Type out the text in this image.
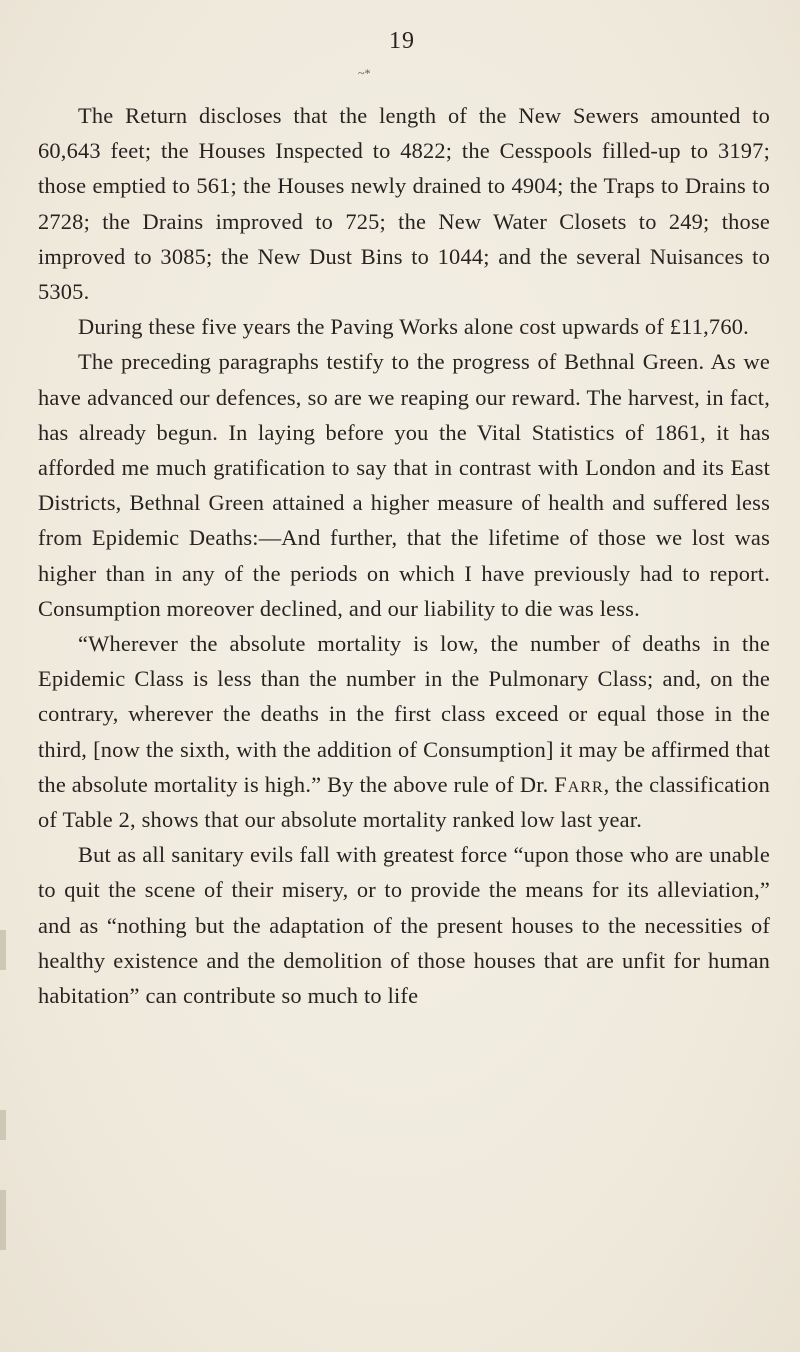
19
~*

The Return discloses that the length of the New Sewers amounted to 60,643 feet; the Houses Inspected to 4822; the Cesspools filled-up to 3197; those emptied to 561; the Houses newly drained to 4904; the Traps to Drains to 2728; the Drains improved to 725; the New Water Closets to 249; those improved to 3085; the New Dust Bins to 1044; and the several Nuisances to 5305.

During these five years the Paving Works alone cost upwards of £11,760.

The preceding paragraphs testify to the progress of Bethnal Green. As we have advanced our defences, so are we reaping our reward. The harvest, in fact, has already begun. In laying before you the Vital Statistics of 1861, it has afforded me much gratification to say that in contrast with London and its East Districts, Bethnal Green attained a higher measure of health and suffered less from Epidemic Deaths:—And further, that the lifetime of those we lost was higher than in any of the periods on which I have previously had to report. Consumption moreover declined, and our liability to die was less.

“Wherever the absolute mortality is low, the number of deaths in the Epidemic Class is less than the number in the Pulmonary Class; and, on the contrary, wherever the deaths in the first class exceed or equal those in the third, [now the sixth, with the addition of Consumption] it may be affirmed that the absolute mortality is high.” By the above rule of Dr. Farr, the classification of Table 2, shows that our absolute mortality ranked low last year.

But as all sanitary evils fall with greatest force “upon those who are unable to quit the scene of their misery, or to provide the means for its alleviation,” and as “nothing but the adaptation of the present houses to the necessities of healthy existence and the demolition of those houses that are unfit for human habitation” can contribute so much to life
